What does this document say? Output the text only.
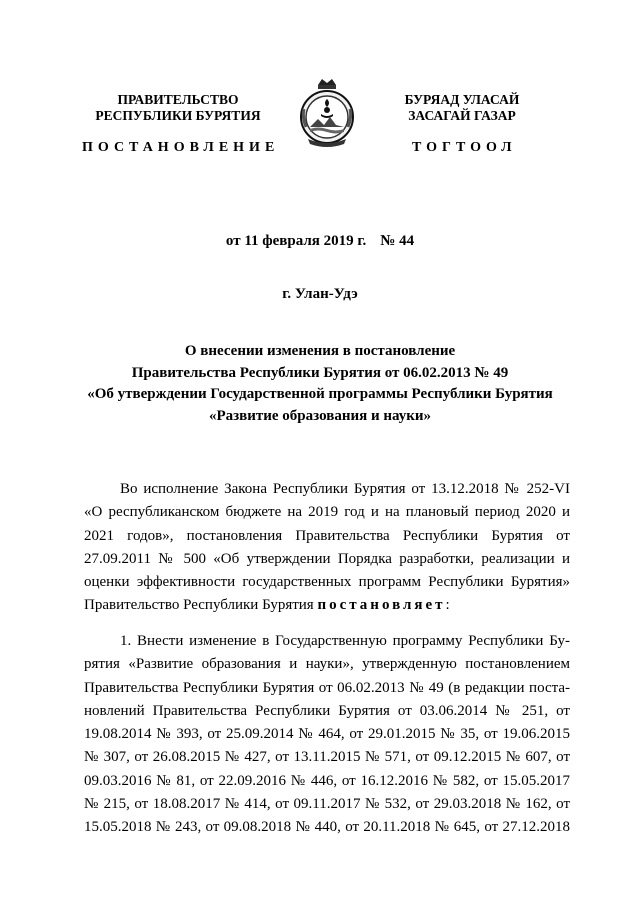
ПРАВИТЕЛЬСТВО
РЕСПУБЛИКИ БУРЯТИЯ
БУРЯАД УЛАСАЙ
ЗАСАГАЙ ГАЗАР
ПОСТАНОВЛЕНИЕ	ТОГТООЛ
от 11 февраля 2019 г. № 44
г. Улан-Удэ
О внесении изменения в постановление
Правительства Республики Бурятия от 06.02.2013 № 49
«Об утверждении Государственной программы Республики Бурятия
«Развитие образования и науки»
Во исполнение Закона Республики Бурятия от 13.12.2018 № 252-VI
«О республиканском бюджете на 2019 год и на плановый период 2020 и
2021 годов», постановления Правительства Республики Бурятия от
27.09.2011 № 500 «Об утверждении Порядка разработки, реализации и
оценки эффективности государственных программ Республики Бурятия»
Правительство Республики Бурятия постановляет:
1. Внести изменение в Государственную программу Республики Бу-
рятия «Развитие образования и науки», утвержденную постановлением
Правительства Республики Бурятия от 06.02.2013 № 49 (в редакции поста-
новлений Правительства Республики Бурятия от 03.06.2014 № 251, от
19.08.2014 № 393, от 25.09.2014 № 464, от 29.01.2015 № 35, от 19.06.2015
№ 307, от 26.08.2015 № 427, от 13.11.2015 № 571, от 09.12.2015 № 607, от
09.03.2016 № 81, от 22.09.2016 № 446, от 16.12.2016 № 582, от 15.05.2017
№ 215, от 18.08.2017 № 414, от 09.11.2017 № 532, от 29.03.2018 № 162, от
15.05.2018 № 243, от 09.08.2018 № 440, от 20.11.2018 № 645, от 27.12.2018
